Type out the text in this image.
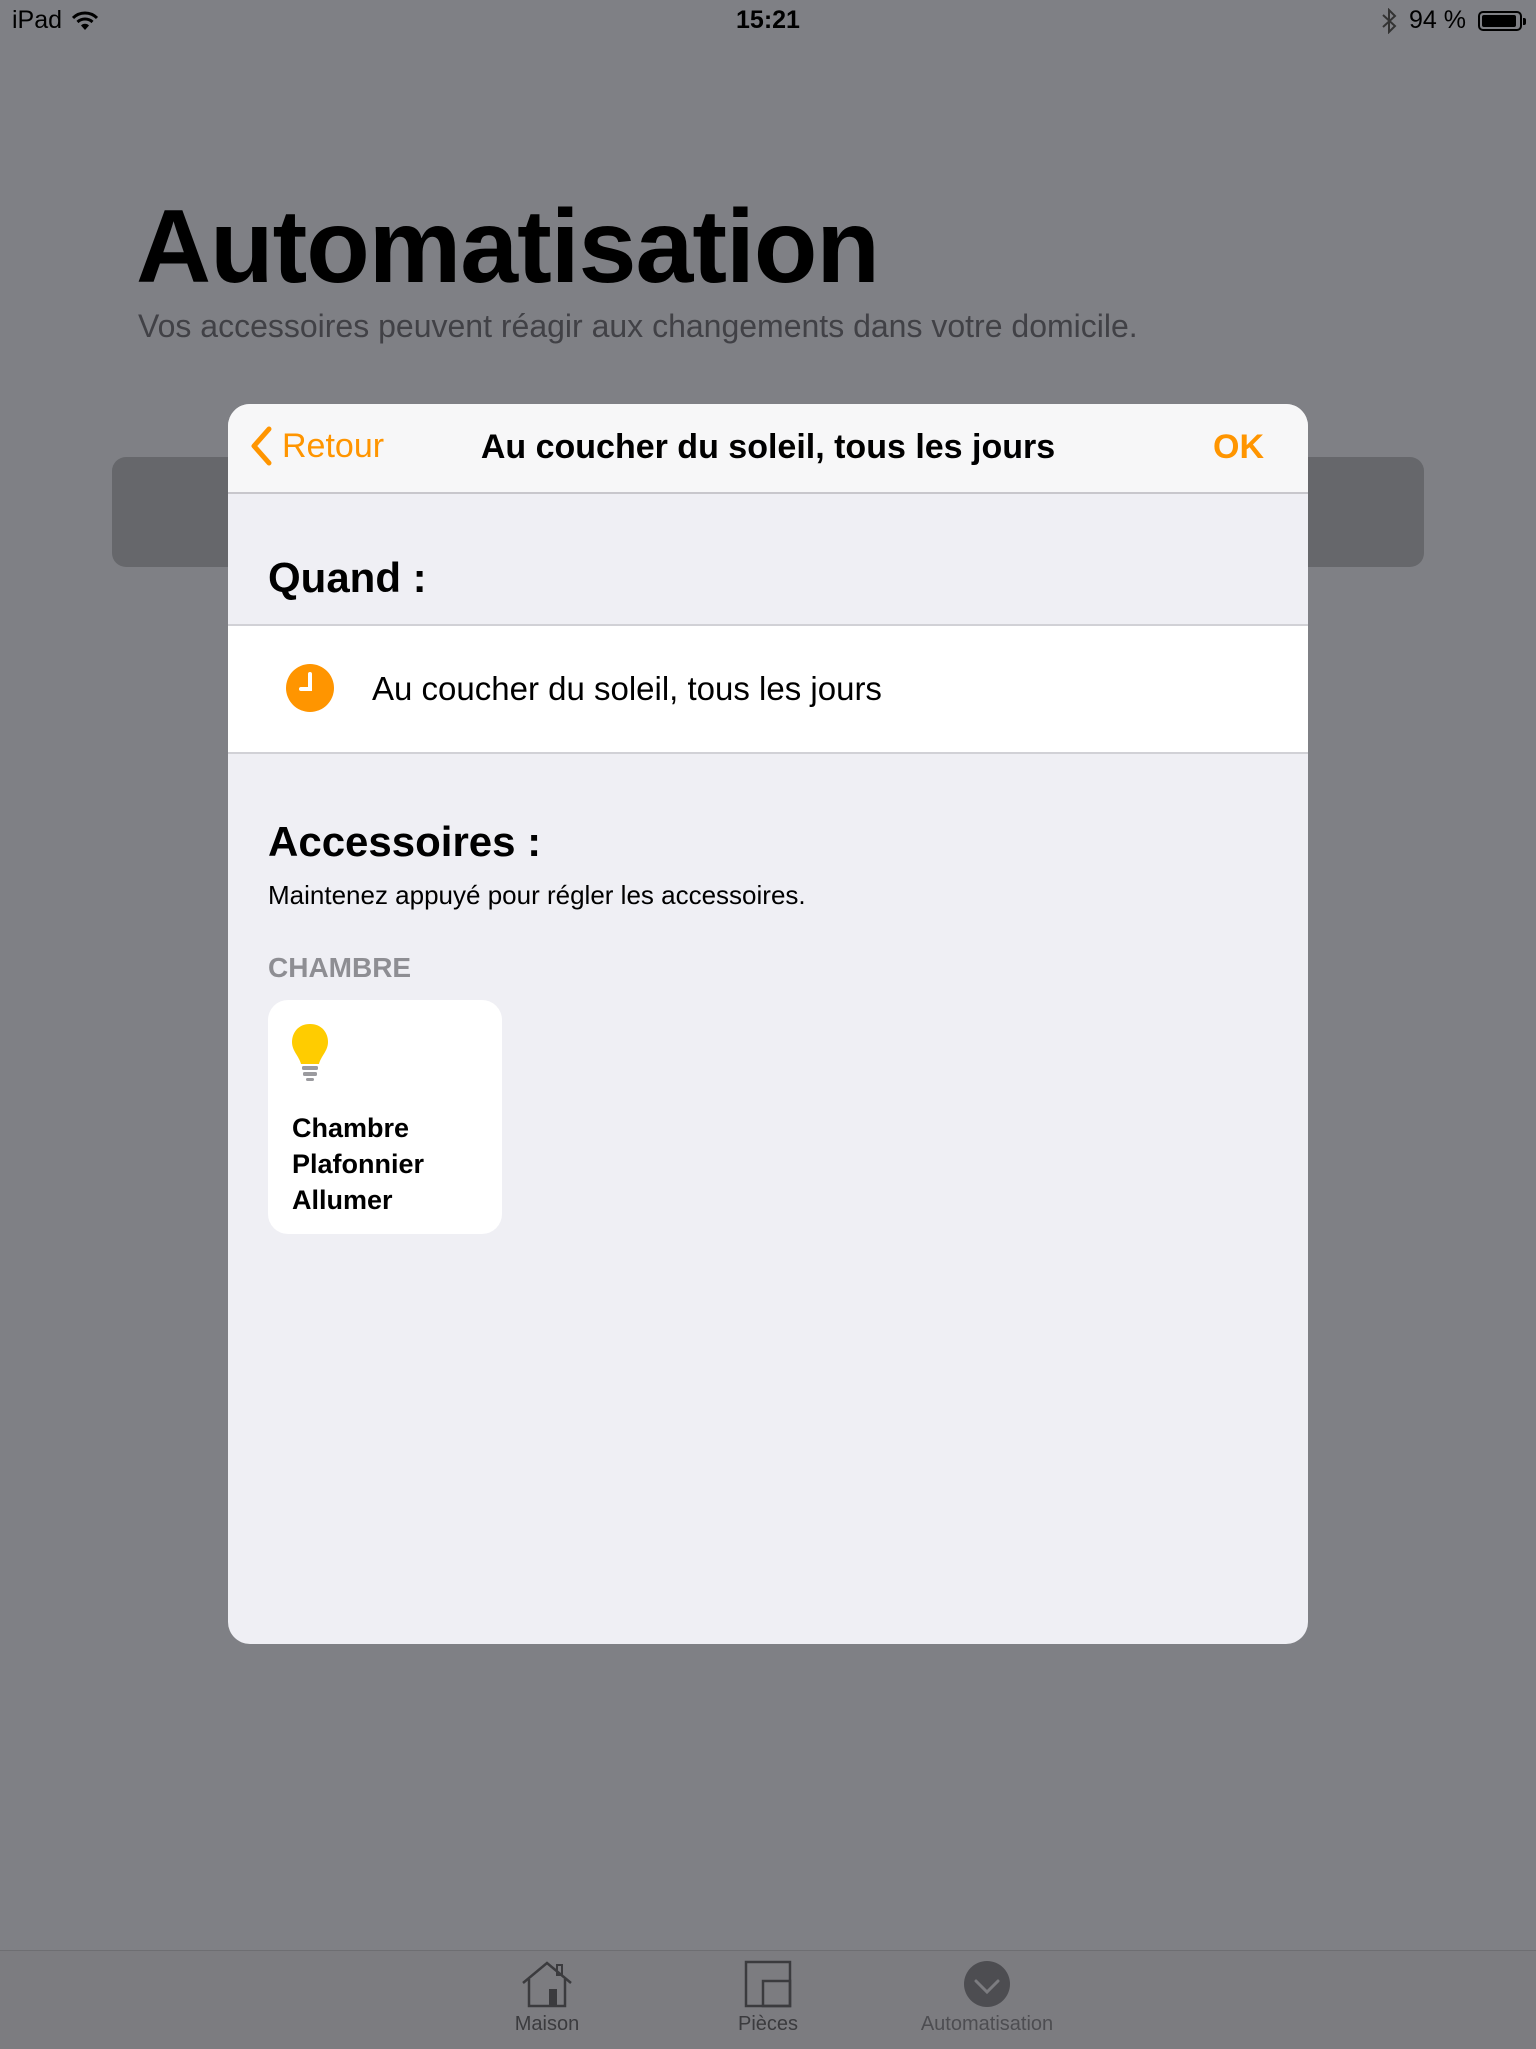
iPad	15:21	94 %
Automatisation
Vos accessoires peuvent réagir aux changements dans votre domicile.
Retour	Au coucher du soleil, tous les jours	OK
Quand :
Au coucher du soleil, tous les jours
Accessoires :
Maintenez appuyé pour régler les accessoires.
CHAMBRE
Chambre
Plafonnier
Allumer
Maison	Pièces	Automatisation
